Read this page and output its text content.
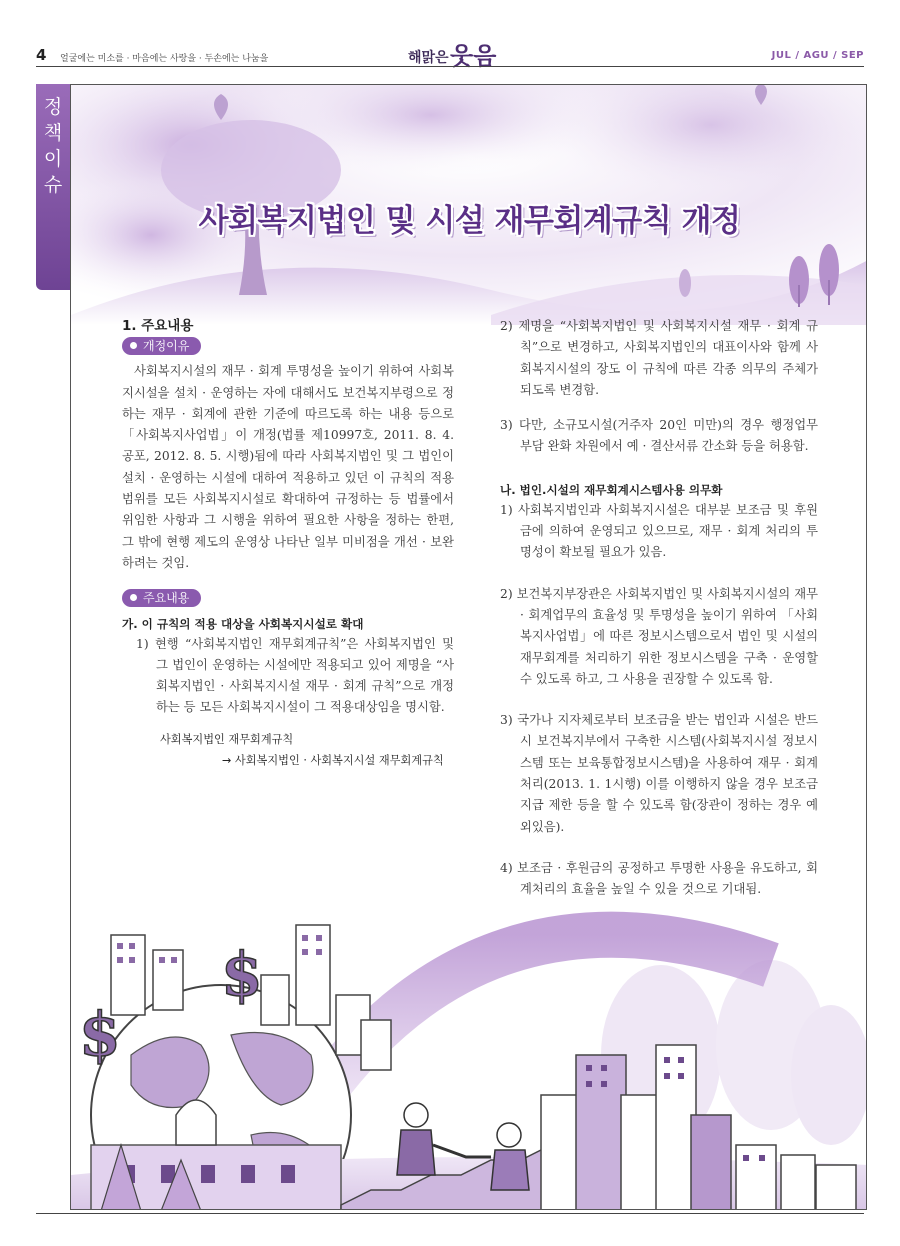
4 얼굴에는 미소를 · 마음에는 사랑을 · 두손에는 나눔을	해맑은 웃음	JUL / AGU / SEP
정책이슈
사회복지법인 및 시설 재무회계규칙 개정
$
$

1. 주요내용

개정이유

사회복지시설의 재무 · 회계 투명성을 높이기 위하여 사회복지시설을 설치 · 운영하는 자에 대해서도 보건복지부령으로 정하는 재무 · 회계에 관한 기준에 따르도록 하는 내용 등으로 「사회복지사업법」이 개정(법률 제10997호, 2011. 8. 4. 공포, 2012. 8. 5. 시행)됨에 따라 사회복지법인 및 그 법인이 설치 · 운영하는 시설에 대하여 적용하고 있던 이 규칙의 적용범위를 모든 사회복지시설로 확대하여 규정하는 등 법률에서 위임한 사항과 그 시행을 위하여 필요한 사항을 정하는 한편, 그 밖에 현행 제도의 운영상 나타난 일부 미비점을 개선 · 보완하려는 것임.

주요내용

가. 이 규칙의 적용 대상을 사회복지시설로 확대

1) 현행 “사회복지법인 재무회계규칙”은 사회복지법인 및 그 법인이 운영하는 시설에만 적용되고 있어 제명을 “사회복지법인 · 사회복지시설 재무 · 회계 규칙”으로 개정하는 등 모든 사회복지시설이 그 적용대상임을 명시함.

사회복지법인 재무회계규칙

→ 사회복지법인 · 사회복지시설 재무회계규칙

2) 제명을 “사회복지법인 및 사회복지시설 재무 · 회계 규칙”으로 변경하고, 사회복지법인의 대표이사와 함께 사회복지시설의 장도 이 규칙에 따른 각종 의무의 주체가 되도록 변경함.

3) 다만, 소규모시설(거주자 20인 미만)의 경우 행정업무 부담 완화 차원에서 예 · 결산서류 간소화 등을 허용함.

나. 법인.시설의 재무회계시스템사용 의무화

1) 사회복지법인과 사회복지시설은 대부분 보조금 및 후원금에 의하여 운영되고 있으므로, 재무 · 회계 처리의 투명성이 확보될 필요가 있음.

2) 보건복지부장관은 사회복지법인 및 사회복지시설의 재무 · 회계업무의 효율성 및 투명성을 높이기 위하여 「사회복지사업법」에 따른 정보시스템으로서 법인 및 시설의 재무회계를 처리하기 위한 정보시스템을 구축 · 운영할 수 있도록 하고, 그 사용을 권장할 수 있도록 함.

3) 국가나 지자체로부터 보조금을 받는 법인과 시설은 반드시 보건복지부에서 구축한 시스템(사회복지시설 정보시스템 또는 보육통합정보시스템)을 사용하여 재무 · 회계처리(2013. 1. 1시행) 이를 이행하지 않을 경우 보조금 지급 제한 등을 할 수 있도록 함(장관이 정하는 경우 예외있음).

4) 보조금 · 후원금의 공정하고 투명한 사용을 유도하고, 회계처리의 효율을 높일 수 있을 것으로 기대됨.
